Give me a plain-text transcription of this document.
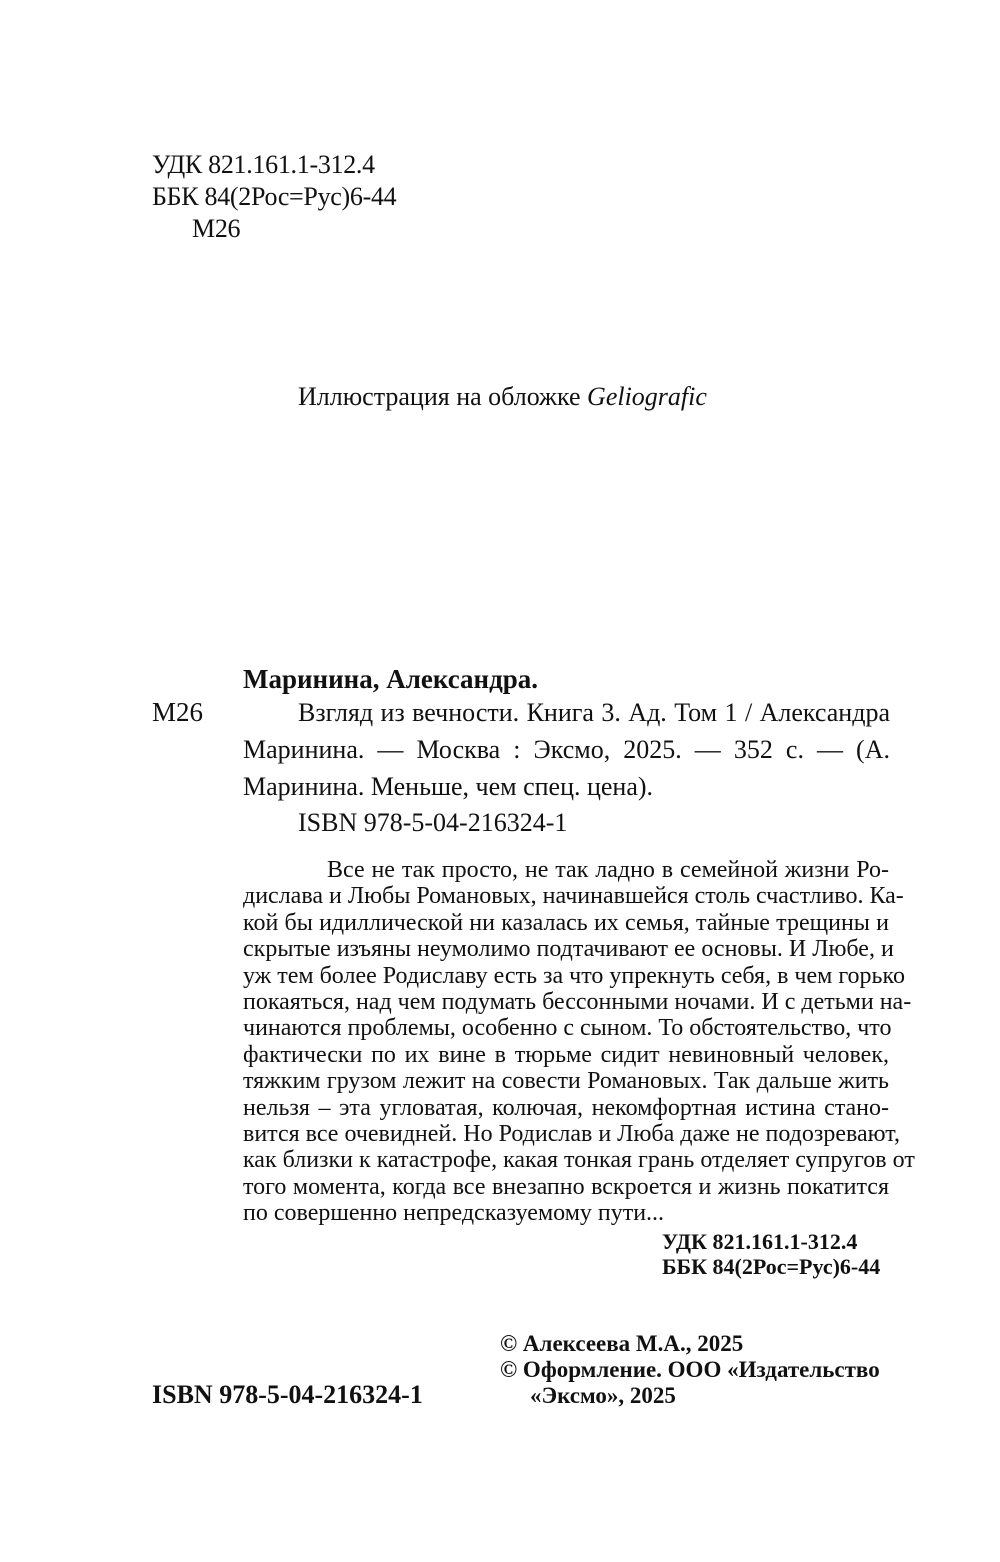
УДК 821.161.1-312.4
ББК 84(2Рос=Рус)6-44
М26
Иллюстрация на обложке Geliografic
Маринина, Александра.
М26	Взгляд из вечности. Книга 3. Ад. Том 1 / Александра Маринина. — Москва : Эксмо, 2025. — 352 с. — (А. Маринина. Меньше, чем спец. цена).
ISBN 978-5-04-216324-1
Все не так просто, не так ладно в семейной жизни Ро-
дислава и Любы Романовых, начинавшейся столь счастливо. Ка-
кой бы идиллической ни казалась их семья, тайные трещины и
скрытые изъяны неумолимо подтачивают ее основы. И Любе, и
уж тем более Родиславу есть за что упрекнуть себя, в чем горько
покаяться, над чем подумать бессонными ночами. И с детьми на-
чинаются проблемы, особенно с сыном. То обстоятельство, что
фактически по их вине в тюрьме сидит невиновный человек,
тяжким грузом лежит на совести Романовых. Так дальше жить
нельзя – эта угловатая, колючая, некомфортная истина стано-
вится все очевидней. Но Родислав и Люба даже не подозревают,
как близки к катастрофе, какая тонкая грань отделяет супругов от
того момента, когда все внезапно вскроется и жизнь покатится
по совершенно непредсказуемому пути...
УДК 821.161.1-312.4
ББК 84(2Рос=Рус)6-44
© Алексеева М.А., 2025
© Оформление. ООО «Издательство
«Эксмо», 2025
ISBN 978-5-04-216324-1
